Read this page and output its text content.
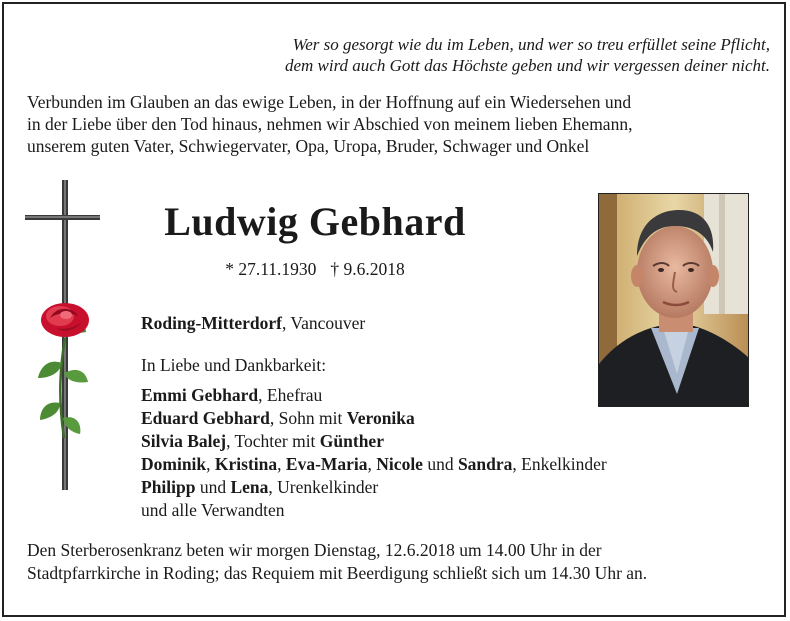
Wer so gesorgt wie du im Leben, und wer so treu erfüllet seine Pflicht,
dem wird auch Gott das Höchste geben und wir vergessen deiner nicht.
Verbunden im Glauben an das ewige Leben, in der Hoffnung auf ein Wiedersehen und
in der Liebe über den Tod hinaus, nehmen wir Abschied von meinem lieben Ehemann,
unserem guten Vater, Schwiegervater, Opa, Uropa, Bruder, Schwager und Onkel
Ludwig Gebhard
* 27.11.1930 † 9.6.2018
Roding-Mitterdorf, Vancouver
In Liebe und Dankbarkeit:
Emmi Gebhard, Ehefrau
Eduard Gebhard, Sohn mit Veronika
Silvia Balej, Tochter mit Günther
Dominik, Kristina, Eva-Maria, Nicole und Sandra, Enkelkinder
Philipp und Lena, Urenkelkinder
und alle Verwandten
Den Sterberosenkranz beten wir morgen Dienstag, 12.6.2018 um 14.00 Uhr in der
Stadtpfarrkirche in Roding; das Requiem mit Beerdigung schließt sich um 14.30 Uhr an.
